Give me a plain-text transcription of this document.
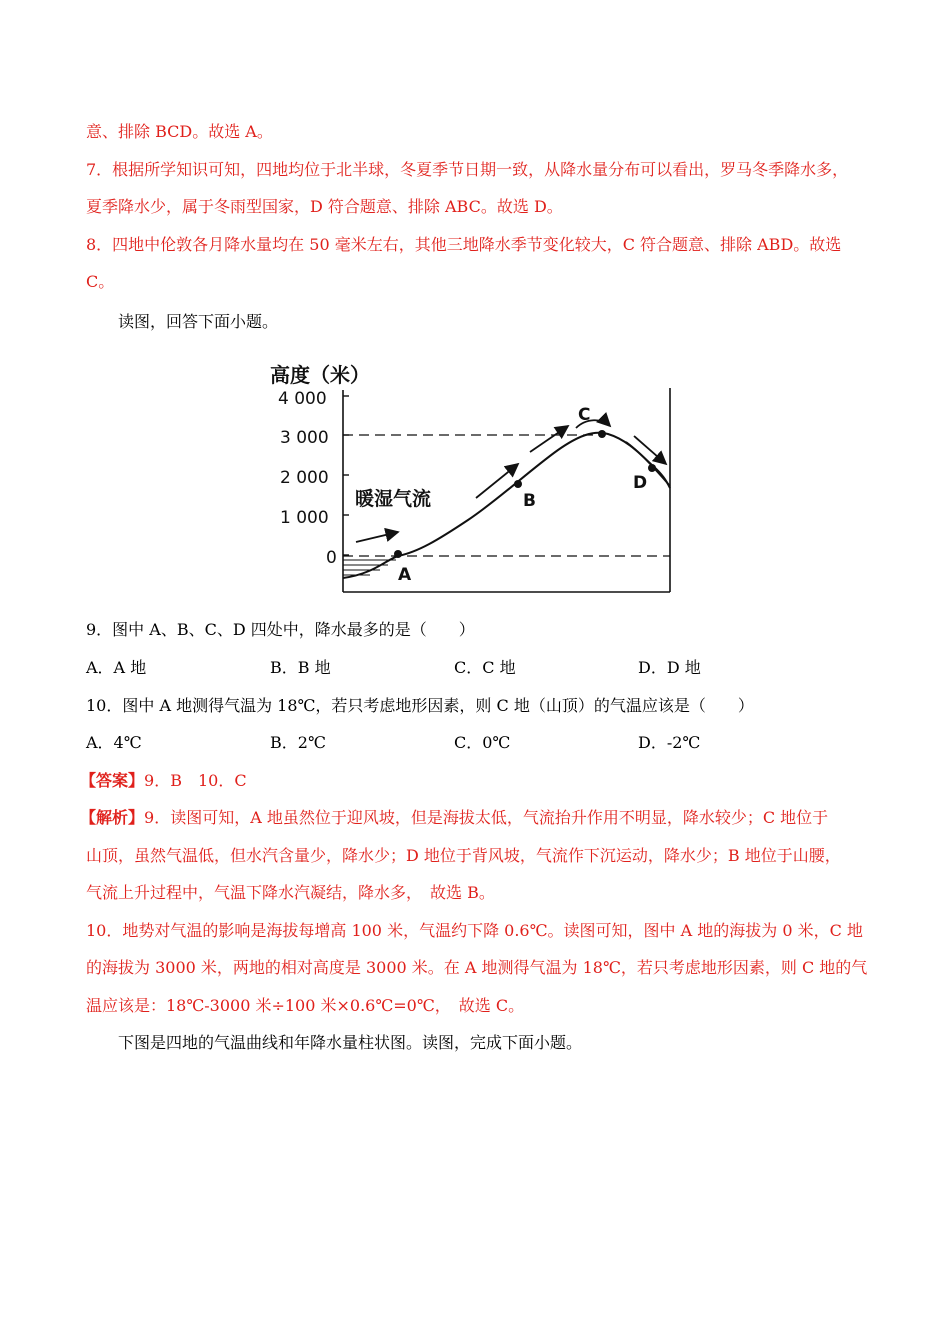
意、排除 BCD。故选 A。
7．根据所学知识可知，四地均位于北半球，冬夏季节日期一致，从降水量分布可以看出，罗马冬季降水多，
夏季降水少，属于冬雨型国家，D 符合题意、排除 ABC。故选 D。
8．四地中伦敦各月降水量均在 50 毫米左右，其他三地降水季节变化较大，C 符合题意、排除 ABD。故选
C。
读图，回答下面小题。
高度（米）
4 000
3 000
2 000
1 000
0
暖湿气流
A
B
C
D
9．图中 A、B、C、D 四处中，降水最多的是（　　）
A．A 地	B．B 地	C．C 地	D．D 地
10．图中 A 地测得气温为 18℃，若只考虑地形因素，则 C 地（山顶）的气温应该是（　　）
A．4℃	B．2℃	C．0℃	D．-2℃
【答案】9．B　10．C
【解析】9．读图可知，A 地虽然位于迎风坡，但是海拔太低，气流抬升作用不明显，降水较少；C 地位于
山顶，虽然气温低，但水汽含量少，降水少；D 地位于背风坡，气流作下沉运动，降水少；B 地位于山腰，
气流上升过程中，气温下降水汽凝结，降水多，　故选 B。
10．地势对气温的影响是海拔每增高 100 米，气温约下降 0.6℃。读图可知，图中 A 地的海拔为 0 米，C 地
的海拔为 3000 米，两地的相对高度是 3000 米。在 A 地测得气温为 18℃，若只考虑地形因素，则 C 地的气
温应该是：18℃-3000 米÷100 米×0.6℃=0℃，　故选 C。
下图是四地的气温曲线和年降水量柱状图。读图，完成下面小题。
